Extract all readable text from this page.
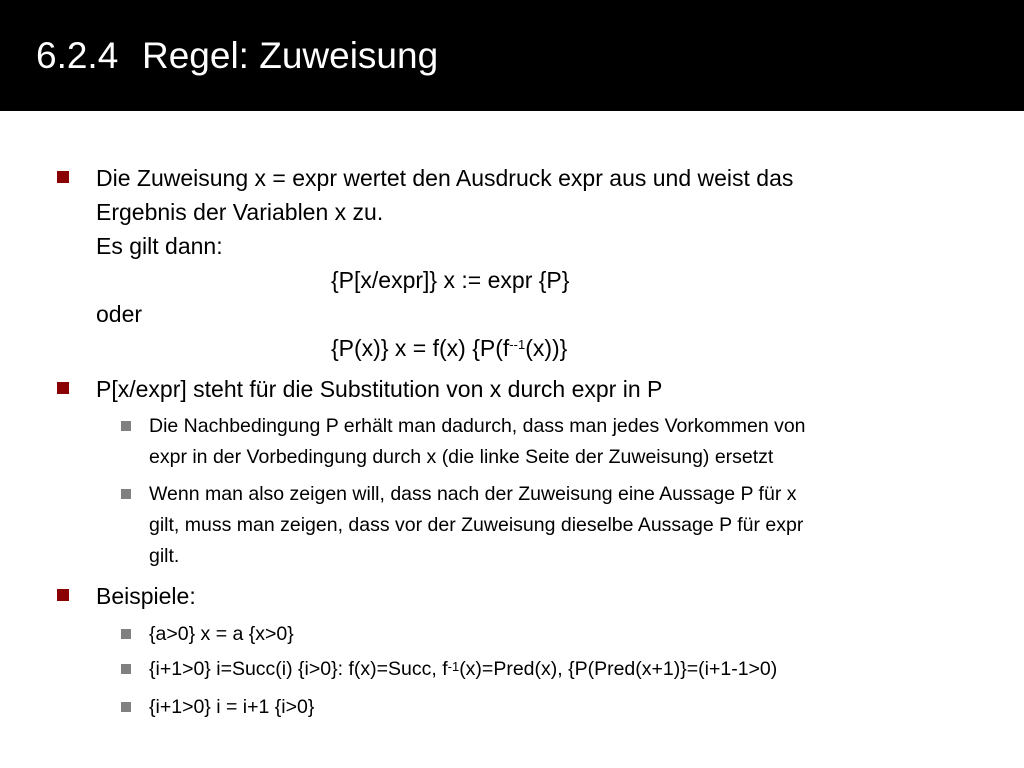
6.2.4 Regel: Zuweisung
Die Zuweisung x = expr wertet den Ausdruck expr aus und weist das
Ergebnis der Variablen x zu.
Es gilt dann:
{P[x/expr]} x := expr {P}
oder
{P(x)} x = f(x) $\{P(f^{--1}(x))\}$
P[x/expr] steht für die Substitution von x durch expr in P
Die Nachbedingung P erhält man dadurch, dass man jedes Vorkommen von
expr in der Vorbedingung durch x (die linke Seite der Zuweisung) ersetzt
Wenn man also zeigen will, dass nach der Zuweisung eine Aussage P für x
gilt, muss man zeigen, dass vor der Zuweisung dieselbe Aussage P für expr
gilt.
Beispiele:
{a>0} x = a {x>0}
{i+1>0} i=Succ(i) {i>0}: f(x)=Succ, $f^{-1}(x)=Pred(x)$, {P(Pred(x+1)}=(i+1-1>0)
{i+1>0} i = i+1 {i>0}
